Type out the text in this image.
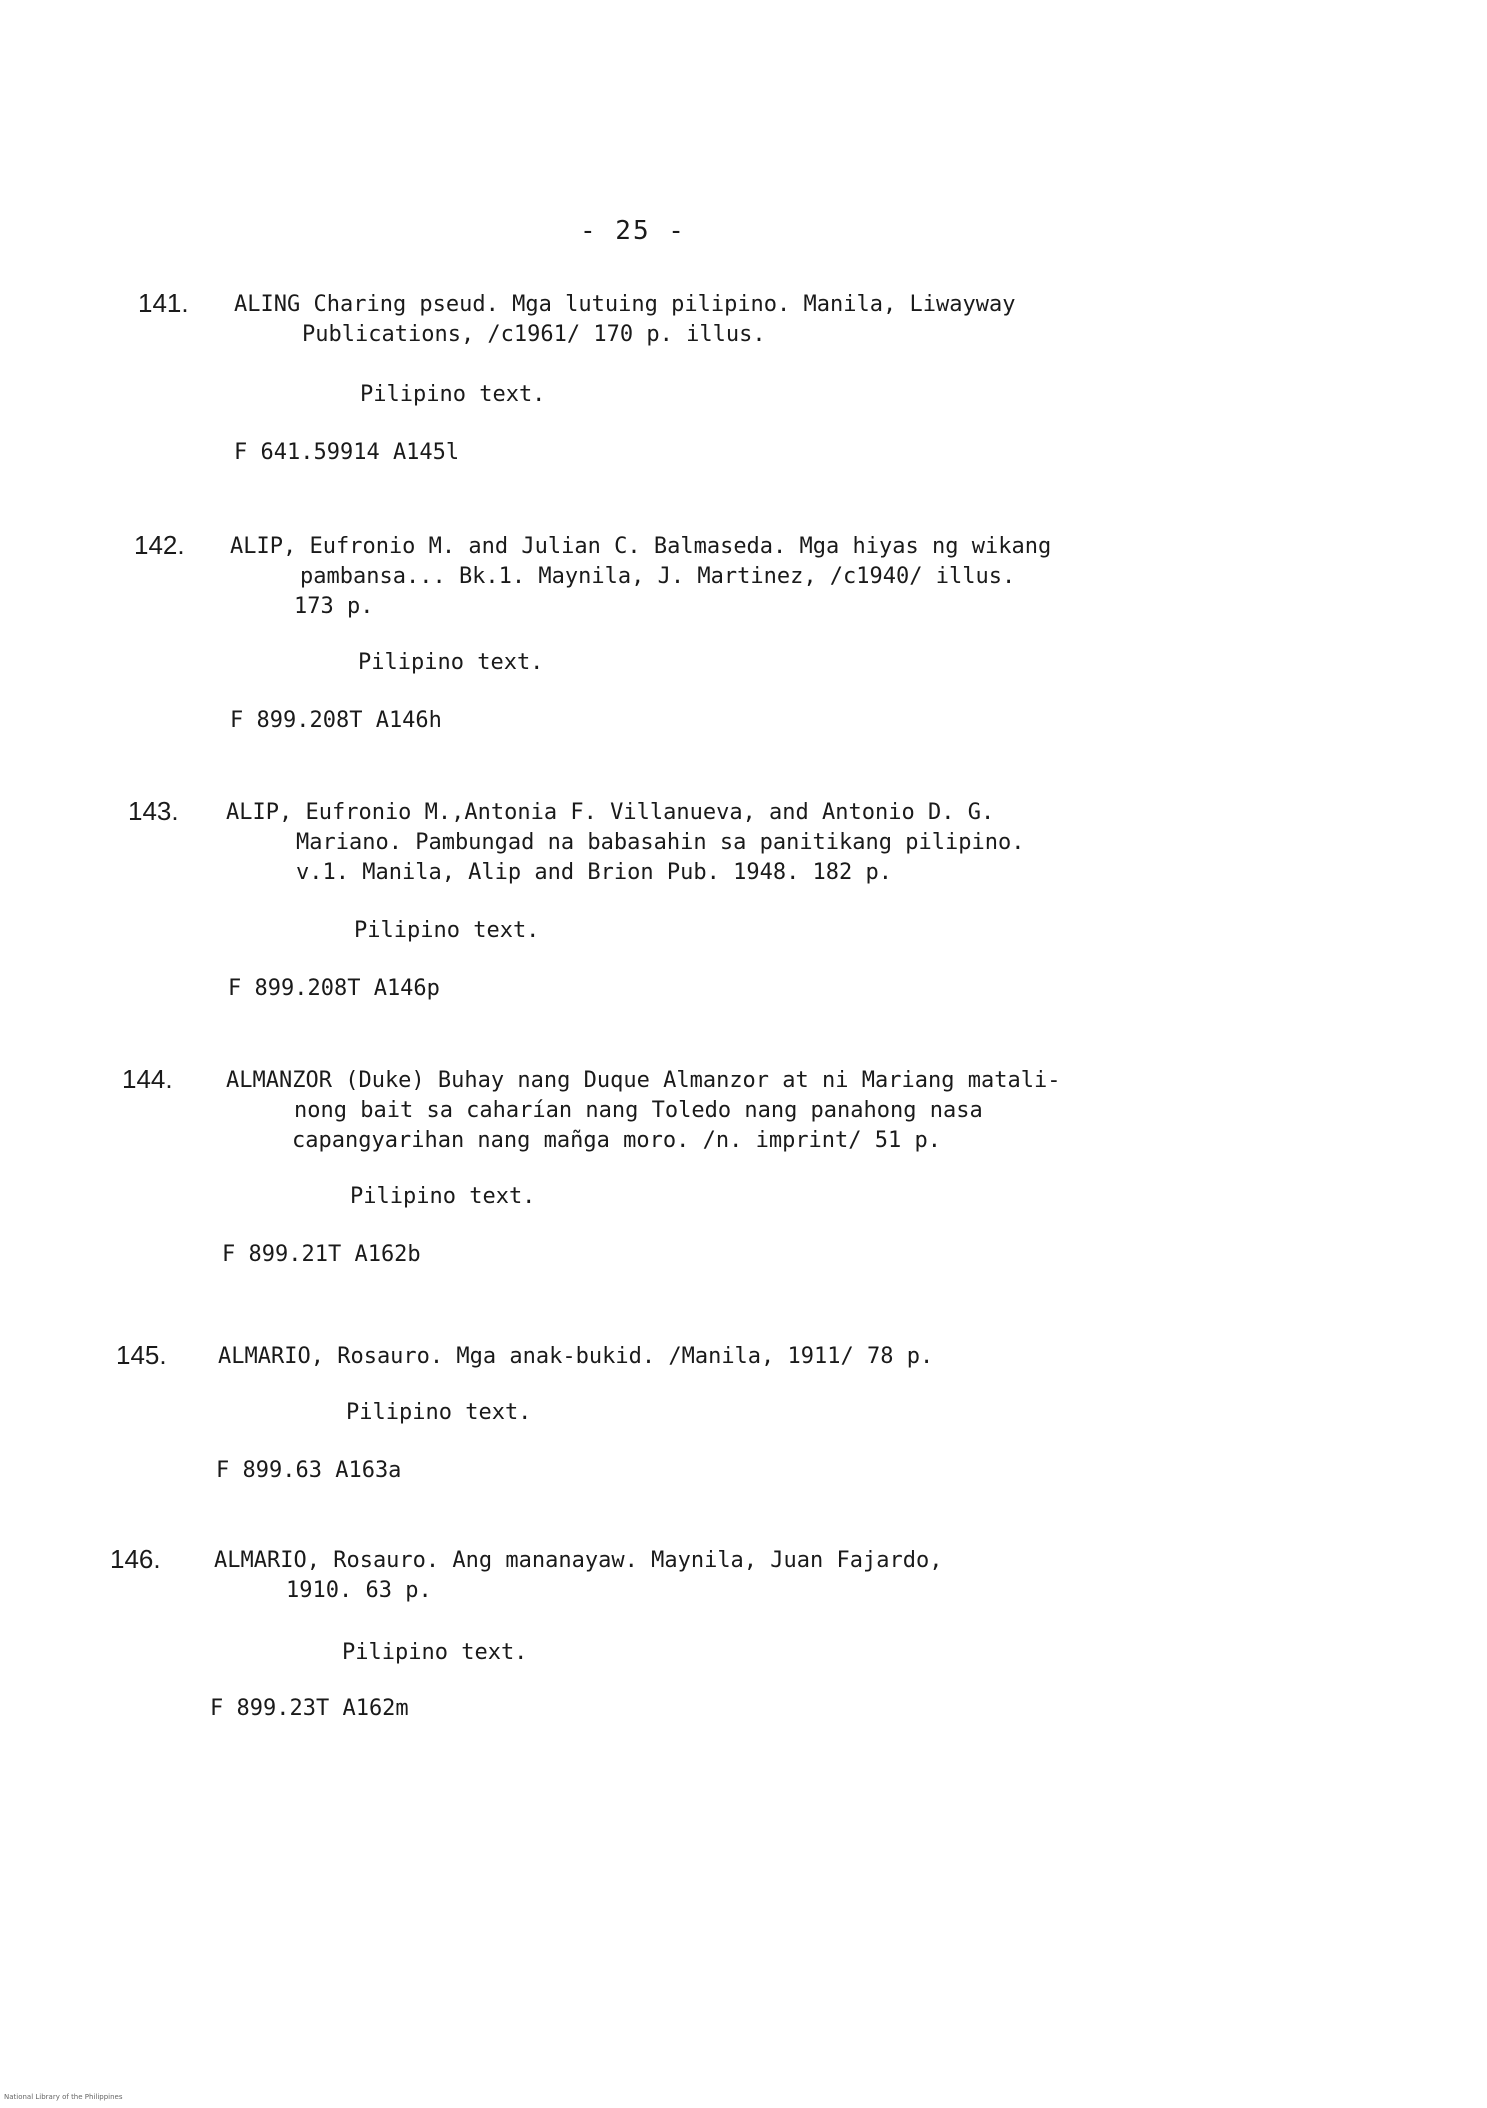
- 25 -
141. ALING Charing pseud. Mga lutuing pilipino. Manila, Liwayway
Publications, /c1961/ 170 p. illus.
Pilipino text.
F 641.59914 A145l
142. ALIP, Eufronio M. and Julian C. Balmaseda. Mga hiyas ng wikang
pambansa... Bk.1. Maynila, J. Martinez, /c1940/ illus.
173 p.
Pilipino text.
F 899.208T A146h
143. ALIP, Eufronio M.,Antonia F. Villanueva, and Antonio D. G.
Mariano. Pambungad na babasahin sa panitikang pilipino.
v.1. Manila, Alip and Brion Pub. 1948. 182 p.
Pilipino text.
F 899.208T A146p
144. ALMANZOR (Duke) Buhay nang Duque Almanzor at ni Mariang matali-
nong bait sa caharían nang Toledo nang panahong nasa
capangyarihan nang mañga moro. /n. imprint/ 51 p.
Pilipino text.
F 899.21T A162b
145. ALMARIO, Rosauro. Mga anak-bukid. /Manila, 1911/ 78 p.
Pilipino text.
F 899.63 A163a
146. ALMARIO, Rosauro. Ang mananayaw. Maynila, Juan Fajardo,
1910. 63 p.
Pilipino text.
F 899.23T A162m
National Library of the Philippines
